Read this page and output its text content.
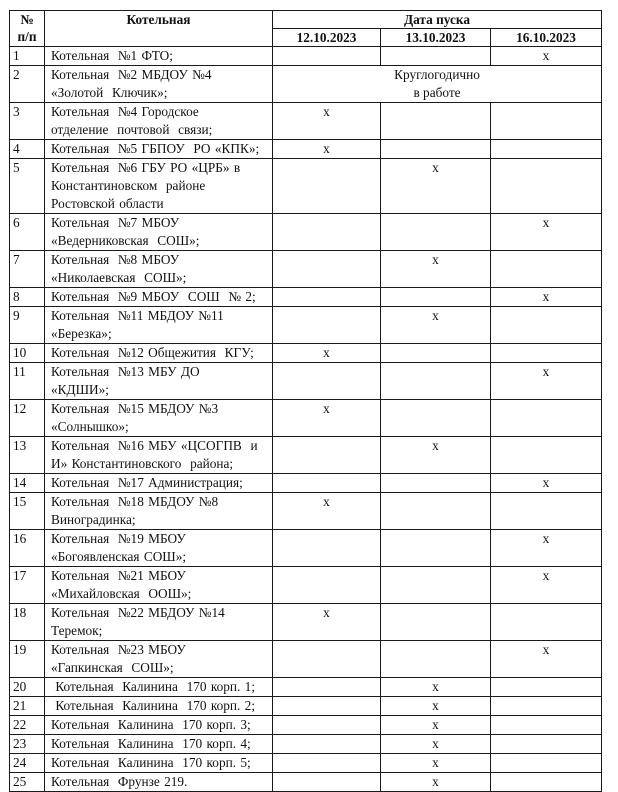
№
п/п	Котельная	Дата пуска		
		12.10.2023	13.10.2023	16.10.2023
1	Котельная  №1 ФТО;			х
2	Котельная  №2 МБДОУ №4
«Золотой  Ключик»;	Круглогодично
в работе		

3	Котельная  №4 Городское
отделение  почтовой  связи;	х		
4	Котельная  №5 ГБПОУ  РО «КПК»;	х		
5	Котельная  №6 ГБУ РО «ЦРБ» в
Константиновском  районе
Ростовской области		х	
6	Котельная  №7 МБОУ
«Ведерниковская  СОШ»;			х
7	Котельная  №8 МБОУ
«Николаевская  СОШ»;		х	
8	Котельная  №9 МБОУ  СОШ  № 2;			х
9	Котельная  №11 МБДОУ №11
«Березка»;		х	
10	Котельная  №12 Общежития  КГУ;	х		
11	Котельная  №13 МБУ ДО
«КДШИ»;			х
12	Котельная  №15 МБДОУ №3
«Солнышко»;	х		
13	Котельная  №16 МБУ «ЦСОГПВ  и
И» Константиновского  района;		х	
14	Котельная  №17 Администрация;			х
15	Котельная  №18 МБДОУ №8
Виноградинка;	х		
16	Котельная  №19 МБОУ
«Богоявленская СОШ»;			х
17	Котельная  №21 МБОУ
«Михайловская  ООШ»;			х
18	Котельная  №22 МБДОУ №14
Теремок;	х		
19	Котельная  №23 МБОУ
«Гапкинская  СОШ»;			х
20	Котельная  Калинина  170 корп. 1;		х	
21	Котельная  Калинина  170 корп. 2;		х	
22	Котельная  Калинина  170 корп. 3;		х	
23	Котельная  Калинина  170 корп. 4;		х	
24	Котельная  Калинина  170 корп. 5;		х	
25	Котельная  Фрунзе 219.		х	
